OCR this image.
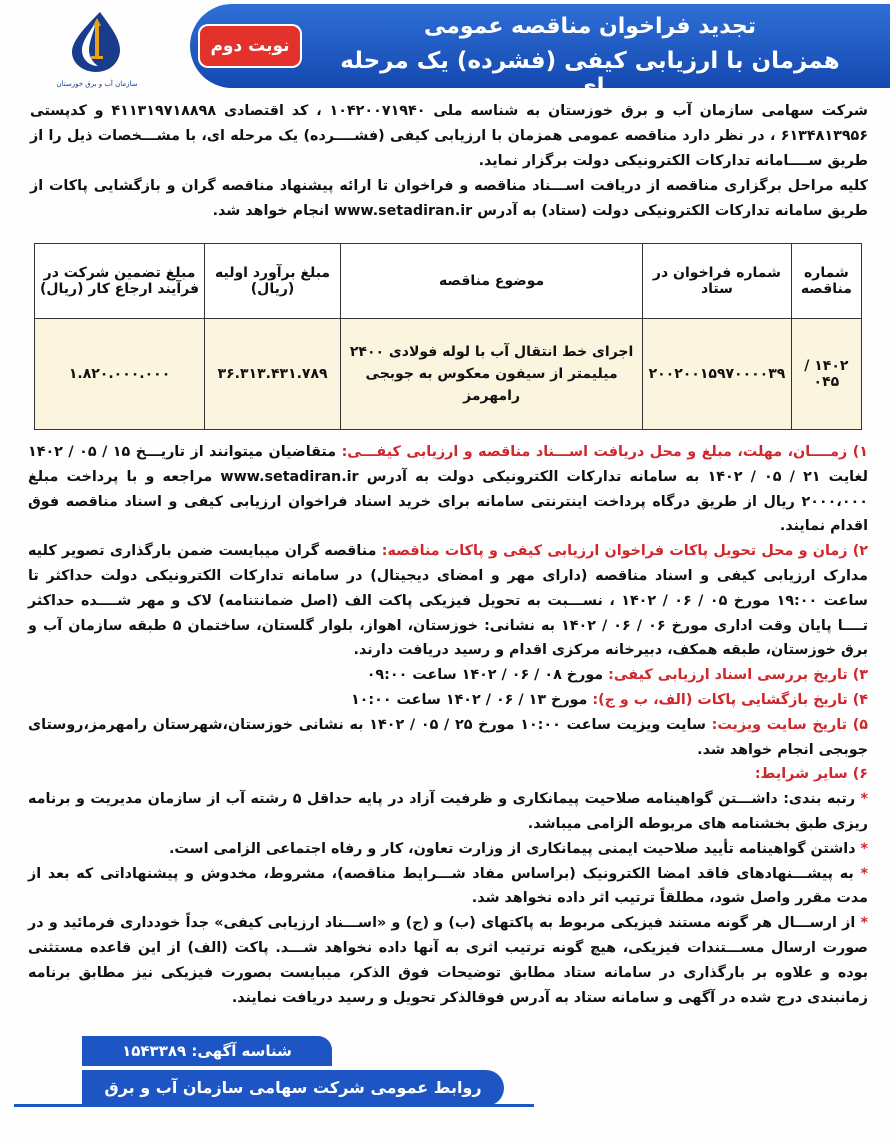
سازمان آب و برق خوزستان
تجدید فراخوان مناقصه عمومی
همزمان با ارزیابی کیفی (فشرده) یک مرحله ای
نوبت دوم
شرکت سهامی سازمان آب و برق خوزستان به شناسه ملی ۱۰۴۲۰۰۷۱۹۴۰ ، کد اقتصادی ۴۱۱۳۱۹۷۱۸۸۹۸ و کدپستی ۶۱۳۴۸۱۳۹۵۶ ، در نظر دارد مناقصه عمومی همزمان با ارزیابی کیفی (فشــــرده) یک مرحله ای، با مشـــخصات ذیل را از طریق ســــامانه تدارکات الکترونیکی دولت برگزار نماید.
کلیه مراحل برگزاری مناقصه از دریافت اســـناد مناقصه و فراخوان تا ارائه پیشنهاد مناقصه گران و بازگشایی پاکات از طریق سامانه تدارکات الکترونیکی دولت (ستاد) به آدرس www.setadiran.ir انجام خواهد شد.
شماره مناقصه	شماره فراخوان در ستاد	موضوع مناقصه	مبلغ برآورد اولیه (ریال)	مبلغ تضمین شرکت در فرآیند ارجاع کار (ریال)
۱۴۰۲ / ۰۴۵	۲۰۰۲۰۰۱۵۹۷۰۰۰۰۳۹	اجرای خط انتقال آب با لوله فولادی ۲۴۰۰ میلیمتر از سیفون معکوس به جوبجی رامهرمز	۳۶.۳۱۳.۴۳۱.۷۸۹	۱.۸۲۰.۰۰۰.۰۰۰

۱) زمــــان، مهلت، مبلغ و محل دریافت اســـناد مناقصه و ارزیابی کیفـــی: متقاضیان میتوانند از تاریـــخ ۱۵ / ۰۵ / ۱۴۰۲ لغایت ۲۱ / ۰۵ / ۱۴۰۲ به سامانه تدارکات الکترونیکی دولت به آدرس www.setadiran.ir مراجعه و با پرداخت مبلغ ۲۰۰۰،۰۰۰ ریال از طریق درگاه پرداخت اینترنتی سامانه برای خرید اسناد فراخوان ارزیابی کیفی و اسناد مناقصه فوق اقدام نمایند.

۲) زمان و محل تحویل پاکات فراخوان ارزیابی کیفی و پاکات مناقصه: مناقصه گران میبایست ضمن بارگذاری تصویر کلیه مدارک ارزیابی کیفی و اسناد مناقصه (دارای مهر و امضای دیجیتال) در سامانه تدارکات الکترونیکی دولت حداکثر تا ساعت ۱۹:۰۰ مورخ ۰۵ / ۰۶ / ۱۴۰۲ ، نســـبت به تحویل فیزیکی پاکت الف (اصل ضمانتنامه) لاک و مهر شــــده حداکثر تــــا پایان وقت اداری مورخ ۰۶ / ۰۶ / ۱۴۰۲ به نشانی: خوزستان، اهواز، بلوار گلستان، ساختمان ۵ طبقه سازمان آب و برق خوزستان، طبقه همکف، دبیرخانه مرکزی اقدام و رسید دریافت دارند.

۳) تاریخ بررسی اسناد ارزیابی کیفی: مورخ ۰۸ / ۰۶ / ۱۴۰۲ ساعت ۰۹:۰۰

۴) تاریخ بازگشایی پاکات (الف، ب و ج): مورخ ۱۳ / ۰۶ / ۱۴۰۲ ساعت ۱۰:۰۰

۵) تاریخ سایت ویزیت: سایت ویزیت ساعت ۱۰:۰۰ مورخ ۲۵ / ۰۵ / ۱۴۰۲ به نشانی خوزستان،شهرستان رامهرمز،روستای جوبجی انجام خواهد شد.

۶) سایر شرایط:

* رتبه بندی: داشـــتن گواهینامه صلاحیت پیمانکاری و ظرفیت آزاد در پایه حداقل ۵ رشته آب از سازمان مدیریت و برنامه ریزی طبق بخشنامه های مربوطه الزامی میباشد.

* داشتن گواهینامه تأیید صلاحیت ایمنی پیمانکاری از وزارت تعاون، کار و رفاه اجتماعی الزامی است.

* به پیشـــنهادهای فاقد امضا الکترونیک (براساس مفاد شـــرایط مناقصه)، مشروط، مخدوش و پیشنهاداتی که بعد از مدت مقرر واصل شود، مطلقاً ترتیب اثر داده نخواهد شد.

* از ارســـال هر گونه مستند فیزیکی مربوط به پاکتهای (ب) و (ج) و «اســـناد ارزیابی کیفی» جداً خودداری فرمائید و در صورت ارسال مســـتندات فیزیکی، هیچ گونه ترتیب اثری به آنها داده نخواهد شـــد. پاکت (الف) از این قاعده مستثنی بوده و علاوه بر بارگذاری در سامانه ستاد مطابق توضیحات فوق الذکر، میبایست بصورت فیزیکی نیز مطابق برنامه زمانبندی درج شده در آگهی و سامانه ستاد به آدرس فوقالذکر تحویل و رسید دریافت نمایند.

شناسه آگهی: ۱۵۴۳۳۸۹
روابط عمومی شرکت سهامی سازمان آب و برق خوزستان
